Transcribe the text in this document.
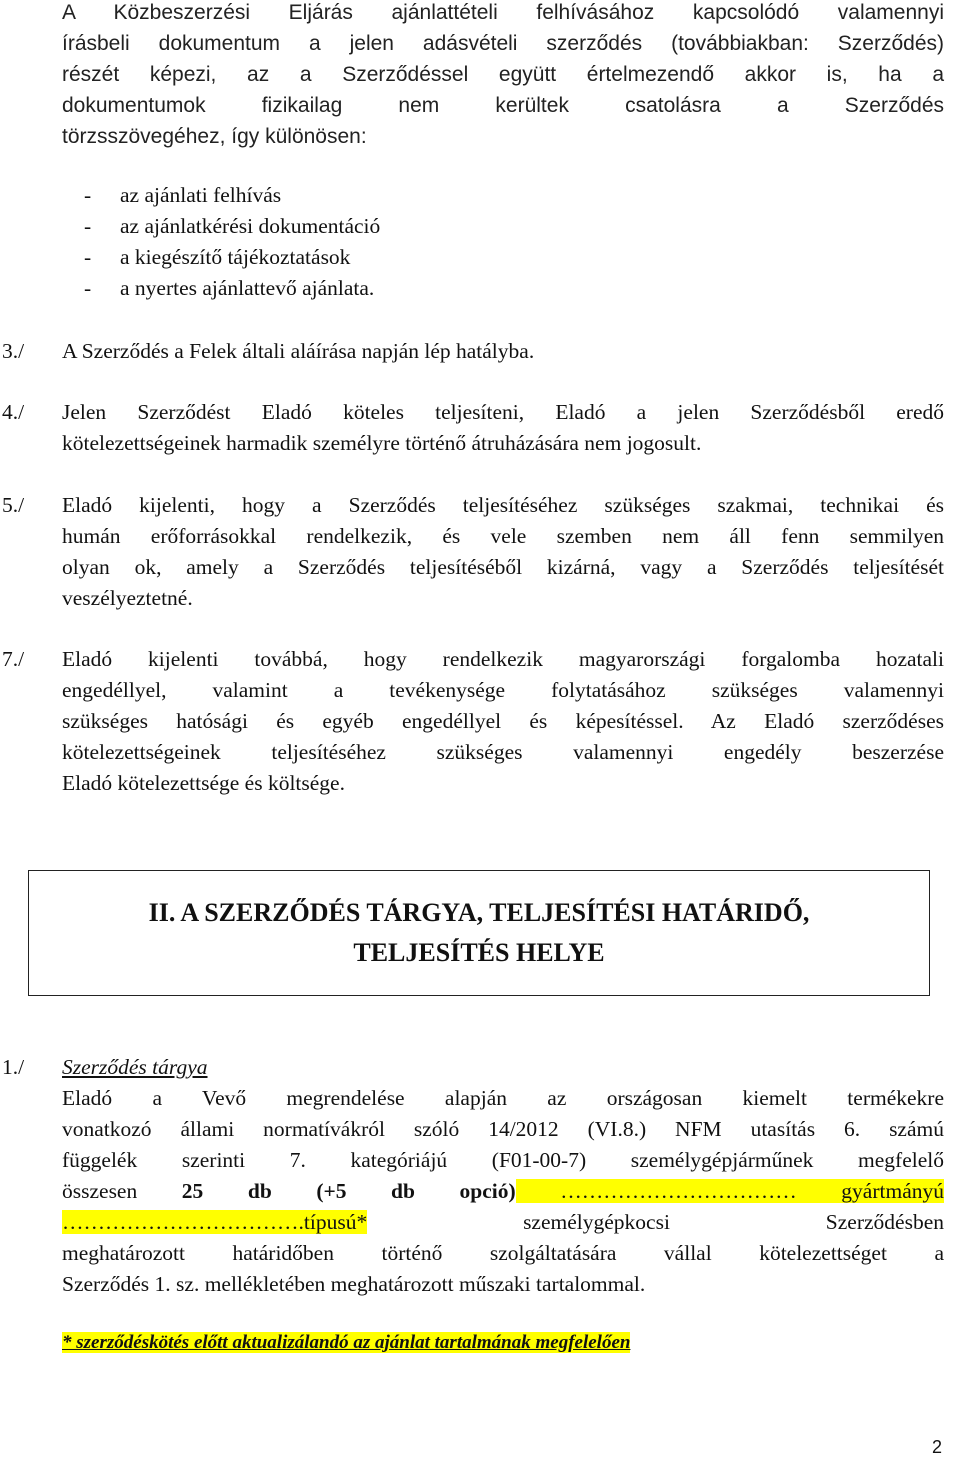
A Közbeszerzési Eljárás ajánlattételi felhívásához kapcsolódó valamennyi
írásbeli dokumentum a jelen adásvételi szerződés (továbbiakban: Szerződés)
részét képezi, az a Szerződéssel együtt értelmezendő akkor is, ha a
dokumentumok fizikailag nem kerültek csatolásra a Szerződés
törzsszövegéhez, így különösen:
-	az ajánlati felhívás
-	az ajánlatkérési dokumentáció
-	a kiegészítő tájékoztatások
-	a nyertes ajánlattevő ajánlata.
3./ A Szerződés a Felek általi aláírása napján lép hatályba.
4./ Jelen Szerződést Eladó köteles teljesíteni, Eladó a jelen Szerződésből eredő
kötelezettségeinek harmadik személyre történő átruházására nem jogosult.
5./ Eladó kijelenti, hogy a Szerződés teljesítéséhez szükséges szakmai, technikai és
humán erőforrásokkal rendelkezik, és vele szemben nem áll fenn semmilyen
olyan ok, amely a Szerződés teljesítéséből kizárná, vagy a Szerződés teljesítését
veszélyeztetné.
7./ Eladó kijelenti továbbá, hogy rendelkezik magyarországi forgalomba hozatali
engedéllyel, valamint a tevékenysége folytatásához szükséges valamennyi
szükséges hatósági és egyéb engedéllyel és képesítéssel. Az Eladó szerződéses
kötelezettségeinek teljesítéséhez szükséges valamennyi engedély beszerzése
Eladó kötelezettsége és költsége.
II. A SZERZŐDÉS TÁRGYA, TELJESÍTÉSI HATÁRIDŐ,
TELJESÍTÉS HELYE
1./ Szerződés tárgya
Eladó a Vevő megrendelése alapján az országosan kiemelt termékekre
vonatkozó állami normatívákról szóló 14/2012 (VI.8.) NFM utasítás 6. számú
függelék szerinti 7. kategóriájú (F01-00-7) személygépjárműnek megfelelő
összesen 25 db (+5 db opció) …………………………… gyártmányú
…………………………….típusú* személygépkocsi Szerződésben
meghatározott határidőben történő szolgáltatására vállal kötelezettséget a
Szerződés 1. sz. mellékletében meghatározott műszaki tartalommal.
* szerződéskötés előtt aktualizálandó az ajánlat tartalmának megfelelően
2
